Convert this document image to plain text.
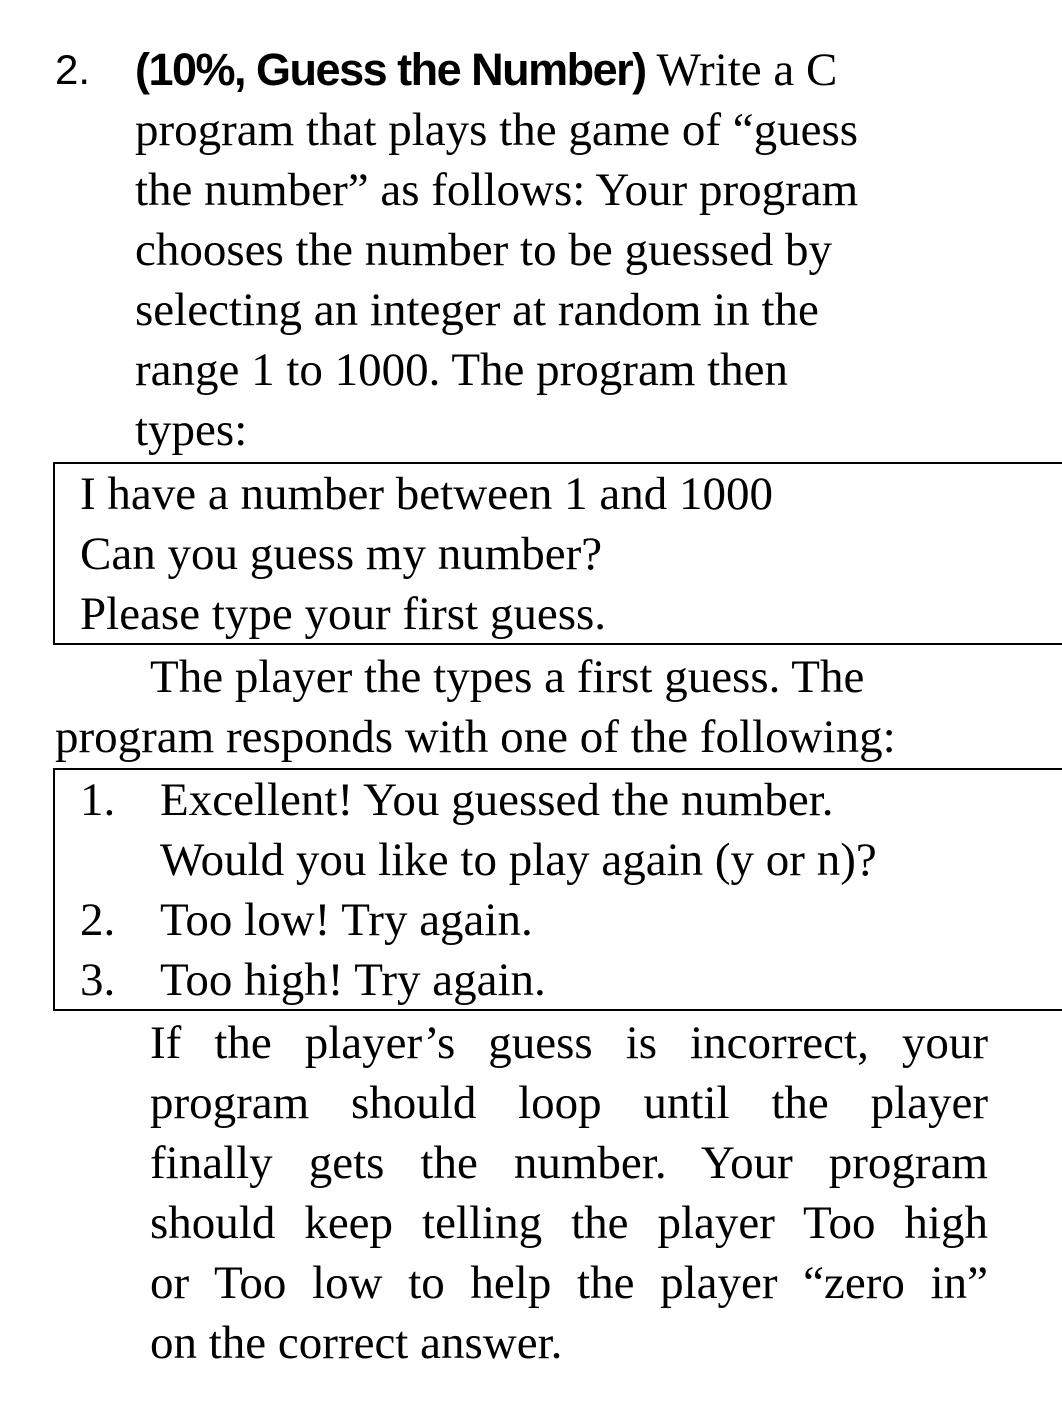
2. (10%, Guess the Number) Write a C
program that plays the game of “guess
the number” as follows: Your program
chooses the number to be guessed by
selecting an integer at random in the
range 1 to 1000. The program then
types:
I have a number between 1 and 1000
Can you guess my number?
Please type your first guess.
The player the types a first guess. The
program responds with one of the following:
1. Excellent! You guessed the number.
Would you like to play again (y or n)?
2. Too low! Try again.
3. Too high! Try again.
If the player’s guess is incorrect, your
program should loop until the player
finally gets the number. Your program
should keep telling the player Too high
or Too low to help the player “zero in”
on the correct answer.
